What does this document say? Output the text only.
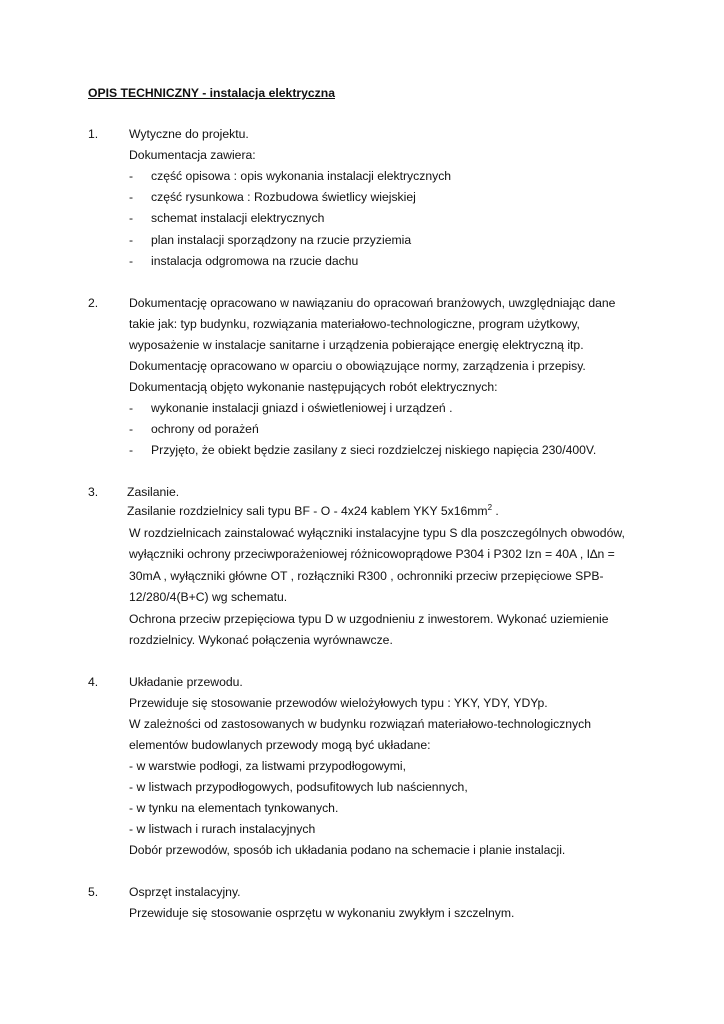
OPIS TECHNICZNY - instalacja elektryczna
1.	Wytyczne do projektu.
Dokumentacja zawiera:
- część opisowa : opis wykonania instalacji elektrycznych
- część rysunkowa : Rozbudowa świetlicy wiejskiej
- schemat instalacji elektrycznych
- plan instalacji sporządzony na rzucie przyziemia
- instalacja odgromowa na rzucie dachu
2.	Dokumentację opracowano w nawiązaniu do opracowań branżowych, uwzględniając dane
takie jak: typ budynku, rozwiązania materiałowo-technologiczne, program użytkowy,
wyposażenie w instalacje sanitarne i urządzenia pobierające energię elektryczną itp.
Dokumentację opracowano w oparciu o obowiązujące normy, zarządzenia i przepisy.
Dokumentacją objęto wykonanie następujących robót elektrycznych:
- wykonanie instalacji gniazd i oświetleniowej i urządzeń .
- ochrony od porażeń
- Przyjęto, że obiekt będzie zasilany z sieci rozdzielczej niskiego napięcia 230/400V.
3. Zasilanie.
Zasilanie rozdzielnicy sali typu BF - O - 4x24 kablem YKY $5x16mm^2$ .
W rozdzielnicach zainstalować wyłączniki instalacyjne typu S dla poszczególnych obwodów,
wyłączniki ochrony przeciwporażeniowej różnicowoprądowe P304 i P302 Izn = 40A , I∆n =
30mA , wyłączniki główne OT , rozłączniki R300 , ochronniki przeciw przepięciowe SPB-
12/280/4(B+C) wg schematu.
Ochrona przeciw przepięciowa typu D w uzgodnieniu z inwestorem. Wykonać uziemienie
rozdzielnicy. Wykonać połączenia wyrównawcze.
4.	Układanie przewodu.
Przewiduje się stosowanie przewodów wielożyłowych typu : YKY, YDY, YDYp.
W zależności od zastosowanych w budynku rozwiązań materiałowo-technologicznych
elementów budowlanych przewody mogą być układane:
- w warstwie podłogi, za listwami przypodłogowymi,
- w listwach przypodłogowych, podsufitowych lub naściennych,
- w tynku na elementach tynkowanych.
- w listwach i rurach instalacyjnych
Dobór przewodów, sposób ich układania podano na schemacie i planie instalacji.
5.	Osprzęt instalacyjny.
Przewiduje się stosowanie osprzętu w wykonaniu zwykłym i szczelnym.
